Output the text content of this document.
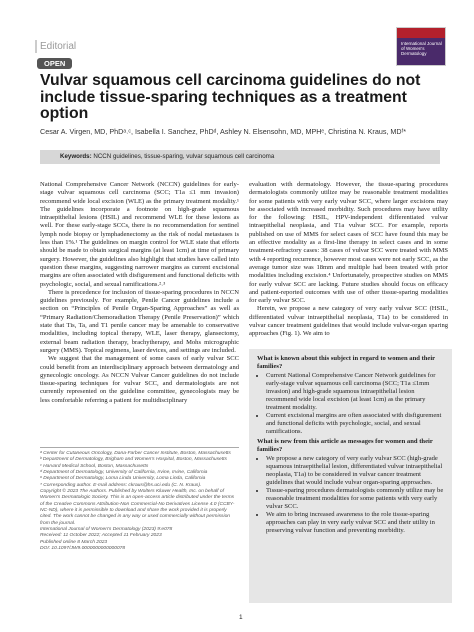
Editorial
OPEN
International Journal of Women's Dermatology
Vulvar squamous cell carcinoma guidelines do not include tissue-sparing techniques as a treatment option
Cesar A. Virgen, MD, PhDᵃ˒ᶜ, Isabella I. Sanchez, PhDᵈ, Ashley N. Elsensohn, MD, MPHᵉ, Christina N. Kraus, MDᶠ*
Keywords: NCCN guidelines, tissue-sparing, vulvar squamous cell carcinoma

National Comprehensive Cancer Network (NCCN) guidelines for early-stage vulvar squamous cell carcinoma (SCC; T1a ≤1 mm invasion) recommend wide local excision (WLE) as the primary treatment modality.¹ The guidelines incorporate a footnote on high-grade squamous intraepithelial lesions (HSIL) and recommend WLE for these lesions as well. For these early-stage SCCs, there is no recommendation for sentinel lymph node biopsy or lymphadenectomy as the risk of nodal metastases is less than 1%.¹ The guidelines on margin control for WLE state that efforts should be made to obtain surgical margins (at least 1cm) at time of primary surgery. However, the guidelines also highlight that studies have called into question these margins, suggesting narrower margins as current excisional margins are often associated with disfigurement and functional deficits with psychologic, social, and sexual ramifications.²˒³

There is precedence for inclusion of tissue-sparing procedures in NCCN guidelines previously. For example, Penile Cancer guidelines include a section on “Principles of Penile Organ-Sparing Approaches” as well as “Primary Radiation/Chemoradiation Therapy (Penile Preservation)” which state that Tis, Ta, and T1 penile cancer may be amenable to conservative modalities, including topical therapy, WLE, laser therapy, glansectomy, external beam radiation therapy, brachytherapy, and Mohs micrographic surgery (MMS). Topical regimens, laser devices, and settings are included.

We suggest that the management of some cases of early vulvar SCC could benefit from an interdisciplinary approach between dermatology and gynecologic oncology. As NCCN Vulvar Cancer guidelines do not include tissue-sparing techniques for vulvar SCC, and dermatologists are not currently represented on the guideline committee, gynecologists may be less comfortable referring a patient for multidisciplinary

ᵃ Center for Cutaneous Oncology, Dana-Farber Cancer Institute, Boston, Massachusetts
ᵇ Department of Dermatology, Brigham and Women's Hospital, Boston, Massachusetts
ᶜ Harvard Medical School, Boston, Massachusetts
ᵈ Department of Dermatology, University of California, Irvine, Irvine, California
ᵉ Department of Dermatology, Loma Linda University, Loma Linda, California
* Corresponding author. E-mail address: ckraus@hs.uci.edu (C. N. Kraus).
Copyright © 2023 The Authors. Published by Wolters Kluwer Health, Inc. on behalf of Women's Dermatologic Society. This is an open-access article distributed under the terms of the Creative Commons Attribution-Non Commercial-No Derivatives License 4.0 (CCBY-NC-ND), where it is permissible to download and share the work provided it is properly cited. The work cannot be changed in any way or used commercially without permission from the journal.
International Journal of Women's Dermatology (2023) 9:e078
Received: 11 October 2022; Accepted 11 February 2023
Published online 8 March 2023
DOI: 10.1097/JW9.0000000000000078

evaluation with dermatology. However, the tissue-sparing procedures dermatologists commonly utilize may be reasonable treatment modalities for some patients with very early vulvar SCC, where larger excisions may be associated with increased morbidity. Such procedures may have utility for the following: HSIL, HPV-independent differentiated vulvar intraepithelial neoplasia, and T1a vulvar SCC. For example, reports published on use of MMS for select cases of SCC have found this may be an effective modality as a first-line therapy in select cases and in some treatment-refractory cases: 38 cases of vulvar SCC were treated with MMS with 4 reporting recurrence, however most cases were not early SCC, as the average tumor size was 18mm and multiple had been treated with prior modalities including excision.⁴ Unfortunately, prospective studies on MMS for early vulvar SCC are lacking. Future studies should focus on efficacy and patient-reported outcomes with use of other tissue-sparing modalities for early vulvar SCC.

Herein, we propose a new category of very early vulvar SCC (HSIL, differentiated vulvar intraepithelial neoplasia, T1a) to be considered in vulvar cancer treatment guidelines that would include vulvar-organ sparing approaches (Fig. 1). We aim to

What is known about this subject in regard to women and their families?
• Current National Comprehensive Cancer Network guidelines for early-stage vulvar squamous cell carcinoma (SCC; T1a ≤1mm invasion) and high-grade squamous intraepithelial lesion recommend wide local excision (at least 1cm) as the primary treatment modality.
• Current excisional margins are often associated with disfigurement and functional deficits with psychologic, social, and sexual ramifications.
What is new from this article as messages for women and their families?
• We propose a new category of very early vulvar SCC (high-grade squamous intraepithelial lesion, differentiated vulvar intraepithelial neoplasia, T1a) to be considered in vulvar cancer treatment guidelines that would include vulvar organ-sparing approaches.
• Tissue-sparing procedures dermatologists commonly utilize may be reasonable treatment modalities for some patients with very early vulvar SCC.
• We aim to bring increased awareness to the role tissue-sparing approaches can play in very early vulvar SCC and their utility in preserving vulvar function and preventing morbidity.
1
